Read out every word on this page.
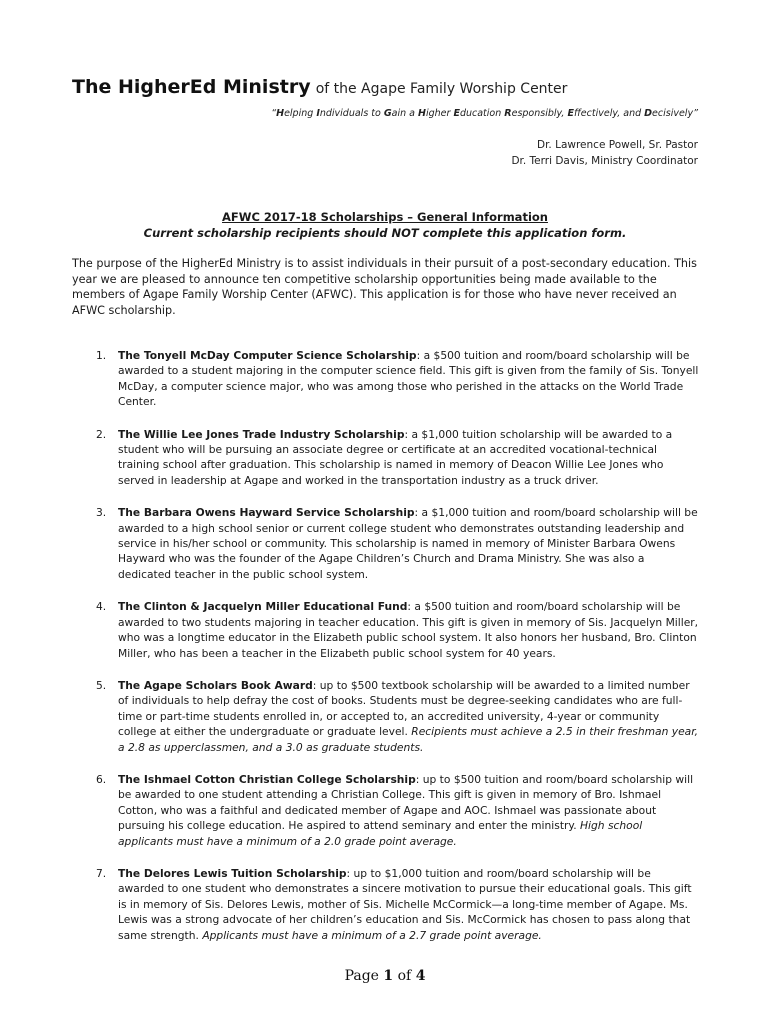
The HigherEd Ministry of the Agape Family Worship Center
“Helping Individuals to Gain a Higher Education Responsibly, Effectively, and Decisively”
Dr. Lawrence Powell, Sr. Pastor
Dr. Terri Davis, Ministry Coordinator
AFWC 2017-18 Scholarships – General Information
Current scholarship recipients should NOT complete this application form.
The purpose of the HigherEd Ministry is to assist individuals in their pursuit of a post-secondary education. This year we are pleased to announce ten competitive scholarship opportunities being made available to the members of Agape Family Worship Center (AFWC). This application is for those who have never received an AFWC scholarship.
1. The Tonyell McDay Computer Science Scholarship: a $500 tuition and room/board scholarship will be awarded to a student majoring in the computer science field. This gift is given from the family of Sis. Tonyell McDay, a computer science major, who was among those who perished in the attacks on the World Trade Center.
2. The Willie Lee Jones Trade Industry Scholarship: a $1,000 tuition scholarship will be awarded to a student who will be pursuing an associate degree or certificate at an accredited vocational-technical training school after graduation. This scholarship is named in memory of Deacon Willie Lee Jones who served in leadership at Agape and worked in the transportation industry as a truck driver.
3. The Barbara Owens Hayward Service Scholarship: a $1,000 tuition and room/board scholarship will be awarded to a high school senior or current college student who demonstrates outstanding leadership and service in his/her school or community. This scholarship is named in memory of Minister Barbara Owens Hayward who was the founder of the Agape Children’s Church and Drama Ministry. She was also a dedicated teacher in the public school system.
4. The Clinton & Jacquelyn Miller Educational Fund: a $500 tuition and room/board scholarship will be awarded to two students majoring in teacher education. This gift is given in memory of Sis. Jacquelyn Miller, who was a longtime educator in the Elizabeth public school system. It also honors her husband, Bro. Clinton Miller, who has been a teacher in the Elizabeth public school system for 40 years.
5. The Agape Scholars Book Award: up to $500 textbook scholarship will be awarded to a limited number of individuals to help defray the cost of books. Students must be degree-seeking candidates who are full-time or part-time students enrolled in, or accepted to, an accredited university, 4-year or community college at either the undergraduate or graduate level. Recipients must achieve a 2.5 in their freshman year, a 2.8 as upperclassmen, and a 3.0 as graduate students.
6. The Ishmael Cotton Christian College Scholarship: up to $500 tuition and room/board scholarship will be awarded to one student attending a Christian College. This gift is given in memory of Bro. Ishmael Cotton, who was a faithful and dedicated member of Agape and AOC. Ishmael was passionate about pursuing his college education. He aspired to attend seminary and enter the ministry. High school applicants must have a minimum of a 2.0 grade point average.
7. The Delores Lewis Tuition Scholarship: up to $1,000 tuition and room/board scholarship will be awarded to one student who demonstrates a sincere motivation to pursue their educational goals. This gift is in memory of Sis. Delores Lewis, mother of Sis. Michelle McCormick—a long-time member of Agape. Ms. Lewis was a strong advocate of her children’s education and Sis. McCormick has chosen to pass along that same strength. Applicants must have a minimum of a 2.7 grade point average.
Page 1 of 4
